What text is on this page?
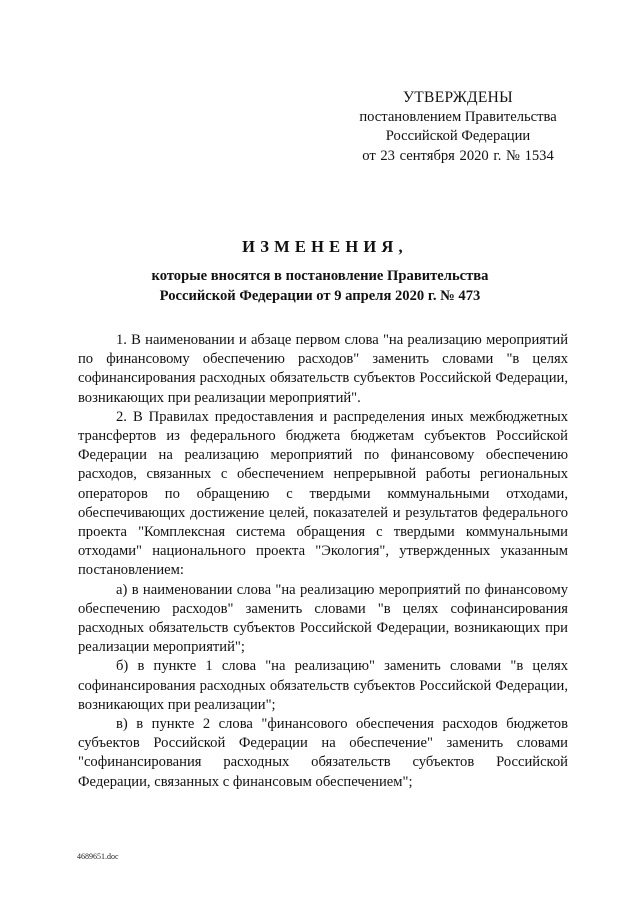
УТВЕРЖДЕНЫ
постановлением Правительства
Российской Федерации
от 23 сентября 2020 г. № 1534
ИЗМЕНЕНИЯ,
которые вносятся в постановление Правительства
Российской Федерации от 9 апреля 2020 г. № 473

1. В наименовании и абзаце первом слова "на реализацию мероприятий по финансовому обеспечению расходов" заменить словами "в целях софинансирования расходных обязательств субъектов Российской Федерации, возникающих при реализации мероприятий".

2. В Правилах предоставления и распределения иных межбюджетных трансфертов из федерального бюджета бюджетам субъектов Российской Федерации на реализацию мероприятий по финансовому обеспечению расходов, связанных с обеспечением непрерывной работы региональных операторов по обращению с твердыми коммунальными отходами, обеспечивающих достижение целей, показателей и результатов федерального проекта "Комплексная система обращения с твердыми коммунальными отходами" национального проекта "Экология", утвержденных указанным постановлением:

а) в наименовании слова "на реализацию мероприятий по финансовому обеспечению расходов" заменить словами "в целях софинансирования расходных обязательств субъектов Российской Федерации, возникающих при реализации мероприятий";

б) в пункте 1 слова "на реализацию" заменить словами "в целях софинансирования расходных обязательств субъектов Российской Федерации, возникающих при реализации";

в) в пункте 2 слова "финансового обеспечения расходов бюджетов субъектов Российской Федерации на обеспечение" заменить словами "софинансирования расходных обязательств субъектов Российской Федерации, связанных с финансовым обеспечением";

4689651.doc
